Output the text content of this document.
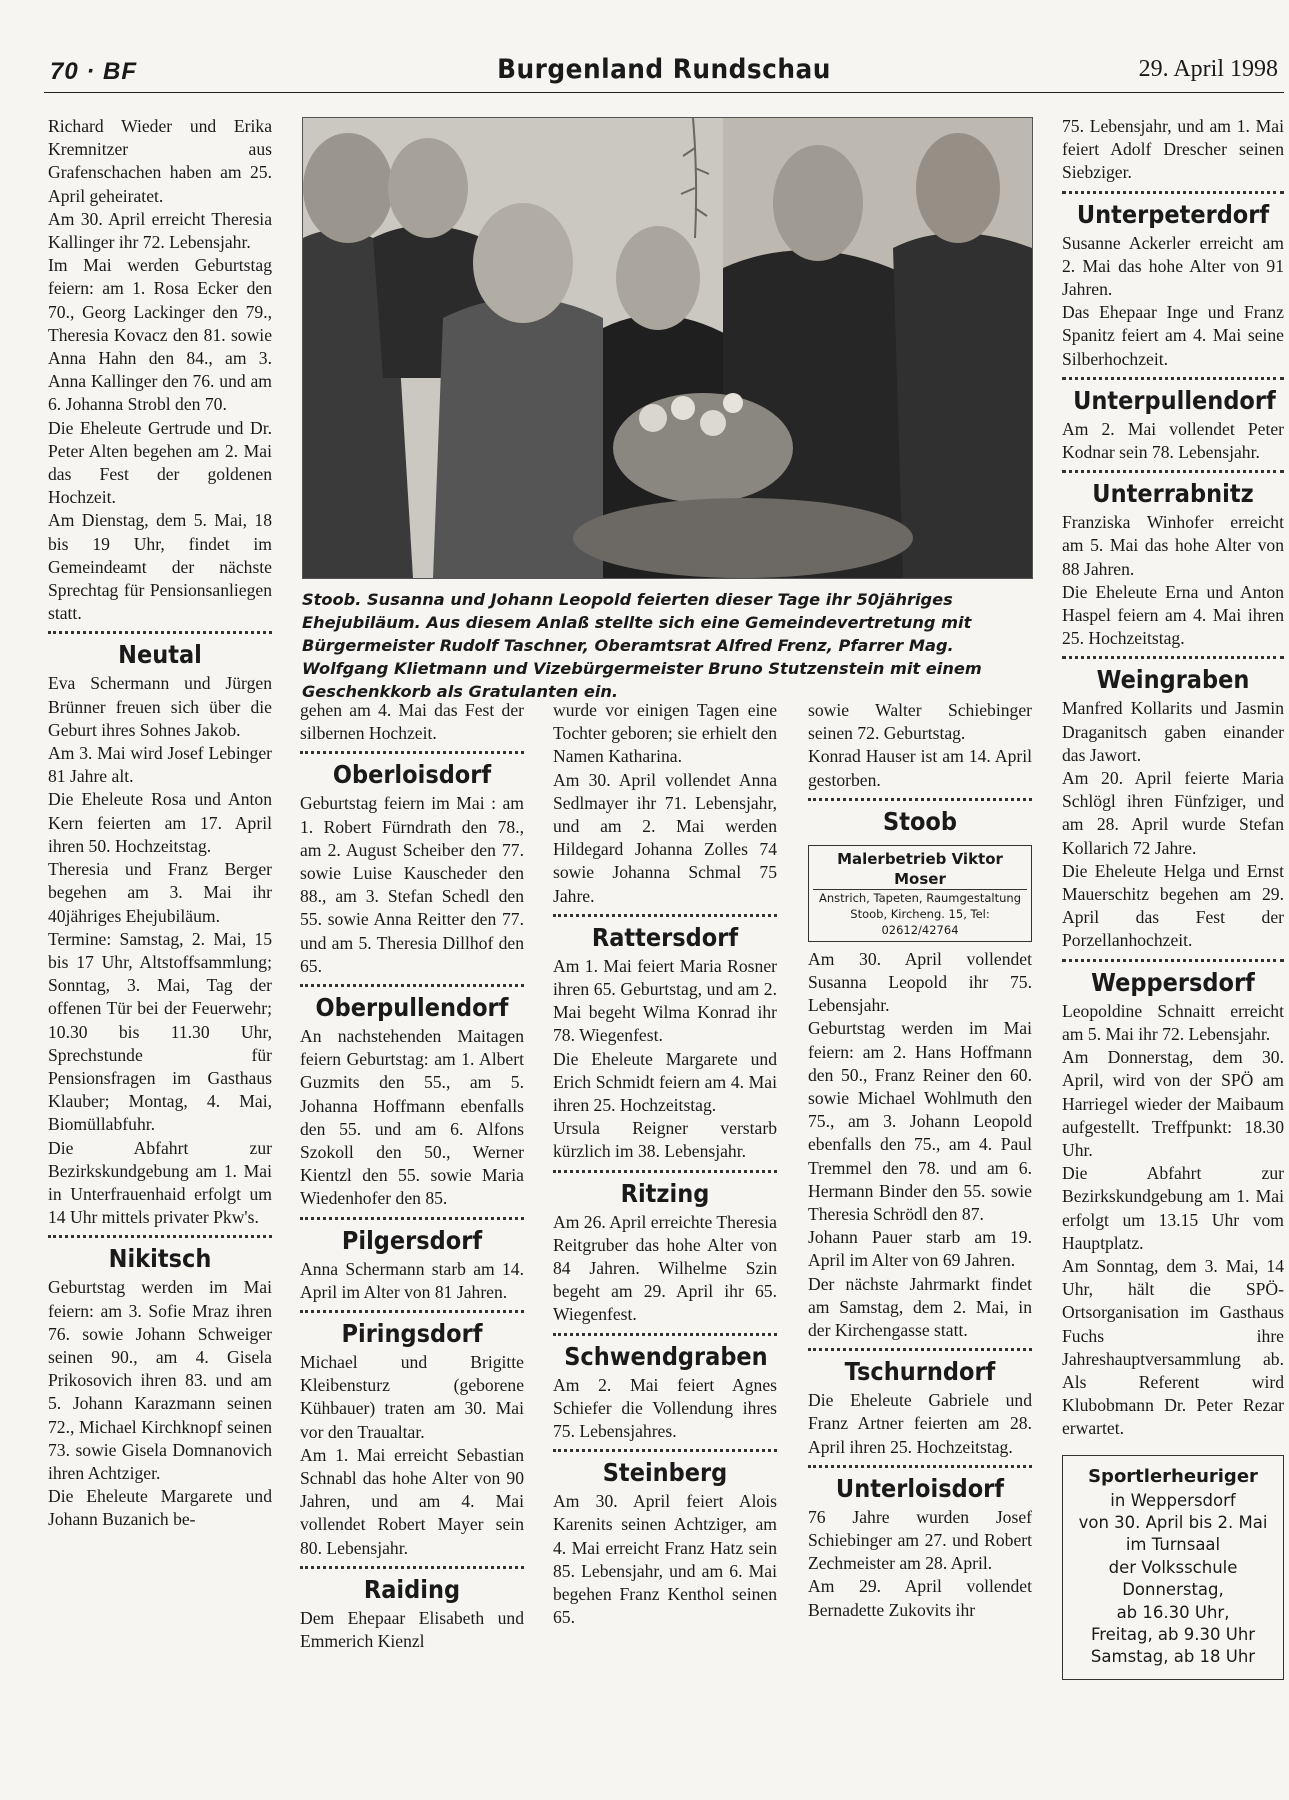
70 · BF	Burgenland Rundschau	29. April 1998

Richard Wieder und Erika Kremnitzer aus Grafenschachen haben am 25. April geheiratet.

Am 30. April erreicht Theresia Kallinger ihr 72. Lebensjahr.

Im Mai werden Geburtstag feiern: am 1. Rosa Ecker den 70., Georg Lackinger den 79., Theresia Kovacz den 81. sowie Anna Hahn den 84., am 3. Anna Kallinger den 76. und am 6. Johanna Strobl den 70.

Die Eheleute Gertrude und Dr. Peter Alten begehen am 2. Mai das Fest der goldenen Hochzeit.

Am Dienstag, dem 5. Mai, 18 bis 19 Uhr, findet im Gemeindeamt der nächste Sprechtag für Pensionsanliegen statt.

Neutal

Eva Schermann und Jürgen Brünner freuen sich über die Geburt ihres Sohnes Jakob.

Am 3. Mai wird Josef Lebinger 81 Jahre alt.

Die Eheleute Rosa und Anton Kern feierten am 17. April ihren 50. Hochzeitstag.

Theresia und Franz Berger begehen am 3. Mai ihr 40jähriges Ehejubiläum.

Termine: Samstag, 2. Mai, 15 bis 17 Uhr, Altstoffsammlung; Sonntag, 3. Mai, Tag der offenen Tür bei der Feuerwehr; 10.30 bis 11.30 Uhr, Sprechstunde für Pensionsfragen im Gasthaus Klauber; Montag, 4. Mai, Biomüllabfuhr.

Die Abfahrt zur Bezirkskundgebung am 1. Mai in Unterfrauenhaid erfolgt um 14 Uhr mittels privater Pkw's.

Nikitsch

Geburtstag werden im Mai feiern: am 3. Sofie Mraz ihren 76. sowie Johann Schweiger seinen 90., am 4. Gisela Prikosovich ihren 83. und am 5. Johann Karazmann seinen 72., Michael Kirchknopf seinen 73. sowie Gisela Domnanovich ihren Achtziger.

Die Eheleute Margarete und Johann Buzanich be-

Stoob. Susanna und Johann Leopold feierten dieser Tage ihr 50jähriges Ehejubiläum. Aus diesem Anlaß stellte sich eine Gemeindevertretung mit Bürgermeister Rudolf Taschner, Oberamtsrat Alfred Frenz, Pfarrer Mag. Wolfgang Klietmann und Vizebürgermeister Bruno Stutzenstein mit einem Geschenkkorb als Gratulanten ein.

gehen am 4. Mai das Fest der silbernen Hochzeit.

Oberloisdorf

Geburtstag feiern im Mai : am 1. Robert Fürndrath den 78., am 2. August Scheiber den 77. sowie Luise Kauscheder den 88., am 3. Stefan Schedl den 55. sowie Anna Reitter den 77. und am 5. Theresia Dillhof den 65.

Oberpullendorf

An nachstehenden Maitagen feiern Geburtstag: am 1. Albert Guzmits den 55., am 5. Johanna Hoffmann ebenfalls den 55. und am 6. Alfons Szokoll den 50., Werner Kientzl den 55. sowie Maria Wiedenhofer den 85.

Pilgersdorf

Anna Schermann starb am 14. April im Alter von 81 Jahren.

Piringsdorf

Michael und Brigitte Kleibensturz (geborene Kühbauer) traten am 30. Mai vor den Traualtar.

Am 1. Mai erreicht Sebastian Schnabl das hohe Alter von 90 Jahren, und am 4. Mai vollendet Robert Mayer sein 80. Lebensjahr.

Raiding

Dem Ehepaar Elisabeth und Emmerich Kienzl

wurde vor einigen Tagen eine Tochter geboren; sie erhielt den Namen Katharina.

Am 30. April vollendet Anna Sedlmayer ihr 71. Lebensjahr, und am 2. Mai werden Hildegard Johanna Zolles 74 sowie Johanna Schmal 75 Jahre.

Rattersdorf

Am 1. Mai feiert Maria Rosner ihren 65. Geburtstag, und am 2. Mai begeht Wilma Konrad ihr 78. Wiegenfest.

Die Eheleute Margarete und Erich Schmidt feiern am 4. Mai ihren 25. Hochzeitstag.

Ursula Reigner verstarb kürzlich im 38. Lebensjahr.

Ritzing

Am 26. April erreichte Theresia Reitgruber das hohe Alter von 84 Jahren. Wilhelme Szin begeht am 29. April ihr 65. Wiegenfest.

Schwendgraben

Am 2. Mai feiert Agnes Schiefer die Vollendung ihres 75. Lebensjahres.

Steinberg

Am 30. April feiert Alois Karenits seinen Achtziger, am 4. Mai erreicht Franz Hatz sein 85. Lebensjahr, und am 6. Mai begehen Franz Kenthol seinen 65.

sowie Walter Schiebinger seinen 72. Geburtstag.

Konrad Hauser ist am 14. April gestorben.

Stoob
Malerbetrieb Viktor Moser
Anstrich, Tapeten, Raumgestaltung
Stoob, Kircheng. 15, Tel: 02612/42764

Am 30. April vollendet Susanna Leopold ihr 75. Lebensjahr.

Geburtstag werden im Mai feiern: am 2. Hans Hoffmann den 50., Franz Reiner den 60. sowie Michael Wohlmuth den 75., am 3. Johann Leopold ebenfalls den 75., am 4. Paul Tremmel den 78. und am 6. Hermann Binder den 55. sowie Theresia Schrödl den 87.

Johann Pauer starb am 19. April im Alter von 69 Jahren.

Der nächste Jahrmarkt findet am Samstag, dem 2. Mai, in der Kirchengasse statt.

Tschurndorf

Die Eheleute Gabriele und Franz Artner feierten am 28. April ihren 25. Hochzeitstag.

Unterloisdorf

76 Jahre wurden Josef Schiebinger am 27. und Robert Zechmeister am 28. April.

Am 29. April vollendet Bernadette Zukovits ihr

75. Lebensjahr, und am 1. Mai feiert Adolf Drescher seinen Siebziger.

Unterpeterdorf

Susanne Ackerler erreicht am 2. Mai das hohe Alter von 91 Jahren.

Das Ehepaar Inge und Franz Spanitz feiert am 4. Mai seine Silberhochzeit.

Unterpullendorf

Am 2. Mai vollendet Peter Kodnar sein 78. Lebensjahr.

Unterrabnitz

Franziska Winhofer erreicht am 5. Mai das hohe Alter von 88 Jahren.

Die Eheleute Erna und Anton Haspel feiern am 4. Mai ihren 25. Hochzeitstag.

Weingraben

Manfred Kollarits und Jasmin Draganitsch gaben einander das Jawort.

Am 20. April feierte Maria Schlögl ihren Fünfziger, und am 28. April wurde Stefan Kollarich 72 Jahre.

Die Eheleute Helga und Ernst Mauerschitz begehen am 29. April das Fest der Porzellanhochzeit.

Weppersdorf

Leopoldine Schnaitt erreicht am 5. Mai ihr 72. Lebensjahr.

Am Donnerstag, dem 30. April, wird von der SPÖ am Harriegel wieder der Maibaum aufgestellt. Treffpunkt: 18.30 Uhr.

Die Abfahrt zur Bezirkskundgebung am 1. Mai erfolgt um 13.15 Uhr vom Hauptplatz.

Am Sonntag, dem 3. Mai, 14 Uhr, hält die SPÖ-Ortsorganisation im Gasthaus Fuchs ihre Jahreshauptversammlung ab. Als Referent wird Klubobmann Dr. Peter Rezar erwartet.

Sportlerheuriger
in Weppersdorf
von 30. April bis 2. Mai
im Turnsaal
der Volksschule
Donnerstag,
ab 16.30 Uhr,
Freitag, ab 9.30 Uhr
Samstag, ab 18 Uhr
